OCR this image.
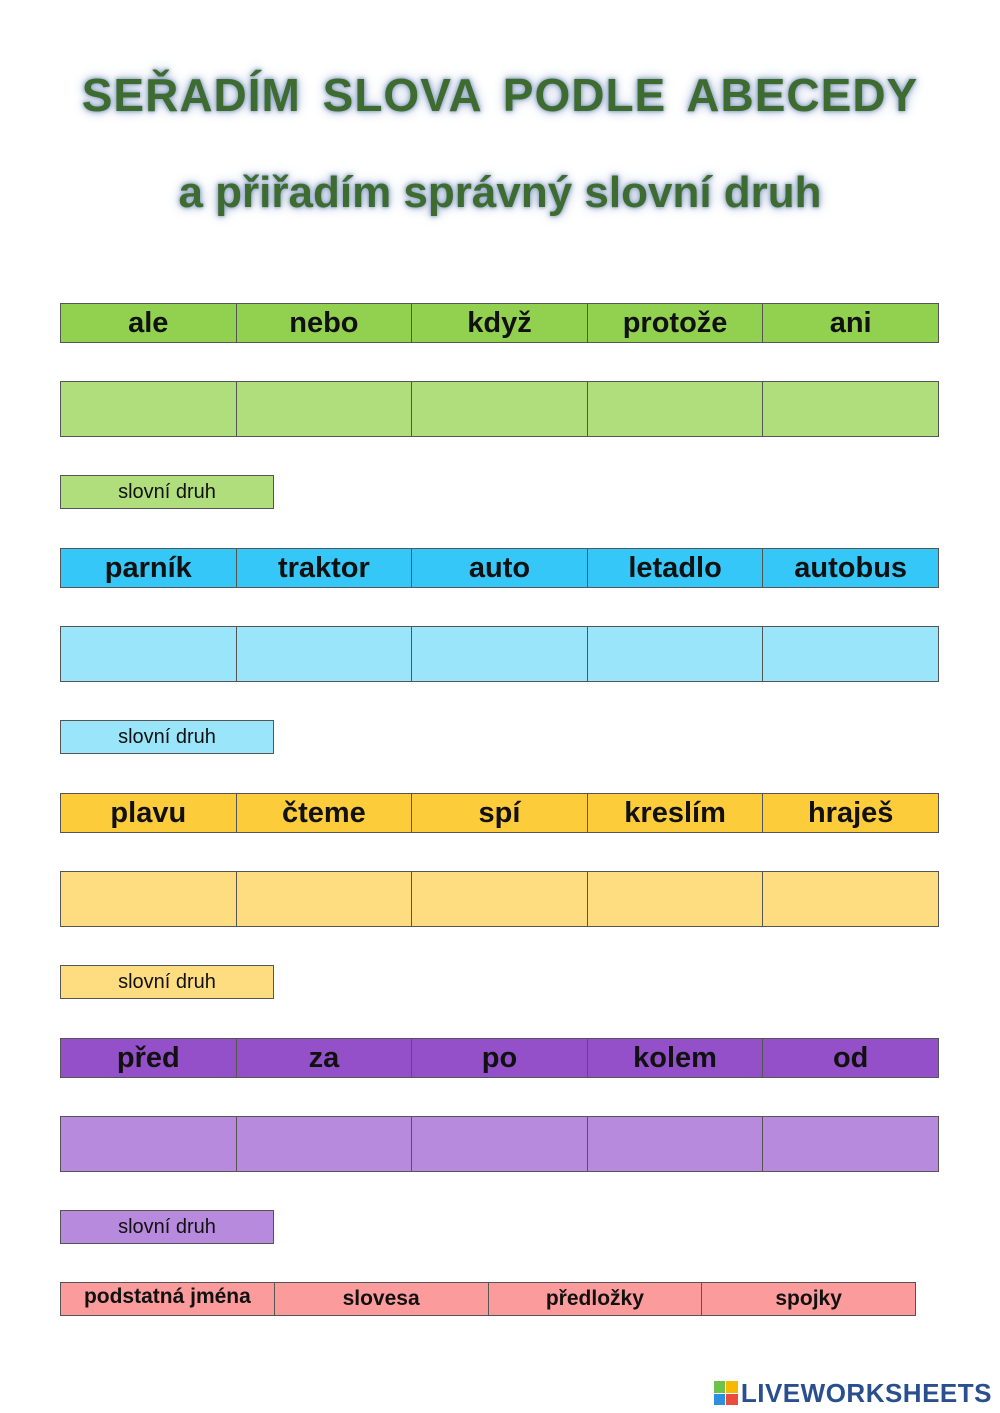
SEŘADÍM SLOVA PODLE ABECEDY
a přiřadím správný slovní druh
ale	nebo	když	protože	ani
slovní druh
parník	traktor	auto	letadlo	autobus
slovní druh
plavu	čteme	spí	kreslím	hraješ
slovní druh
před	za	po	kolem	od
slovní druh
podstatná jména	slovesa	předložky	spojky
LIVEWORKSHEETS
